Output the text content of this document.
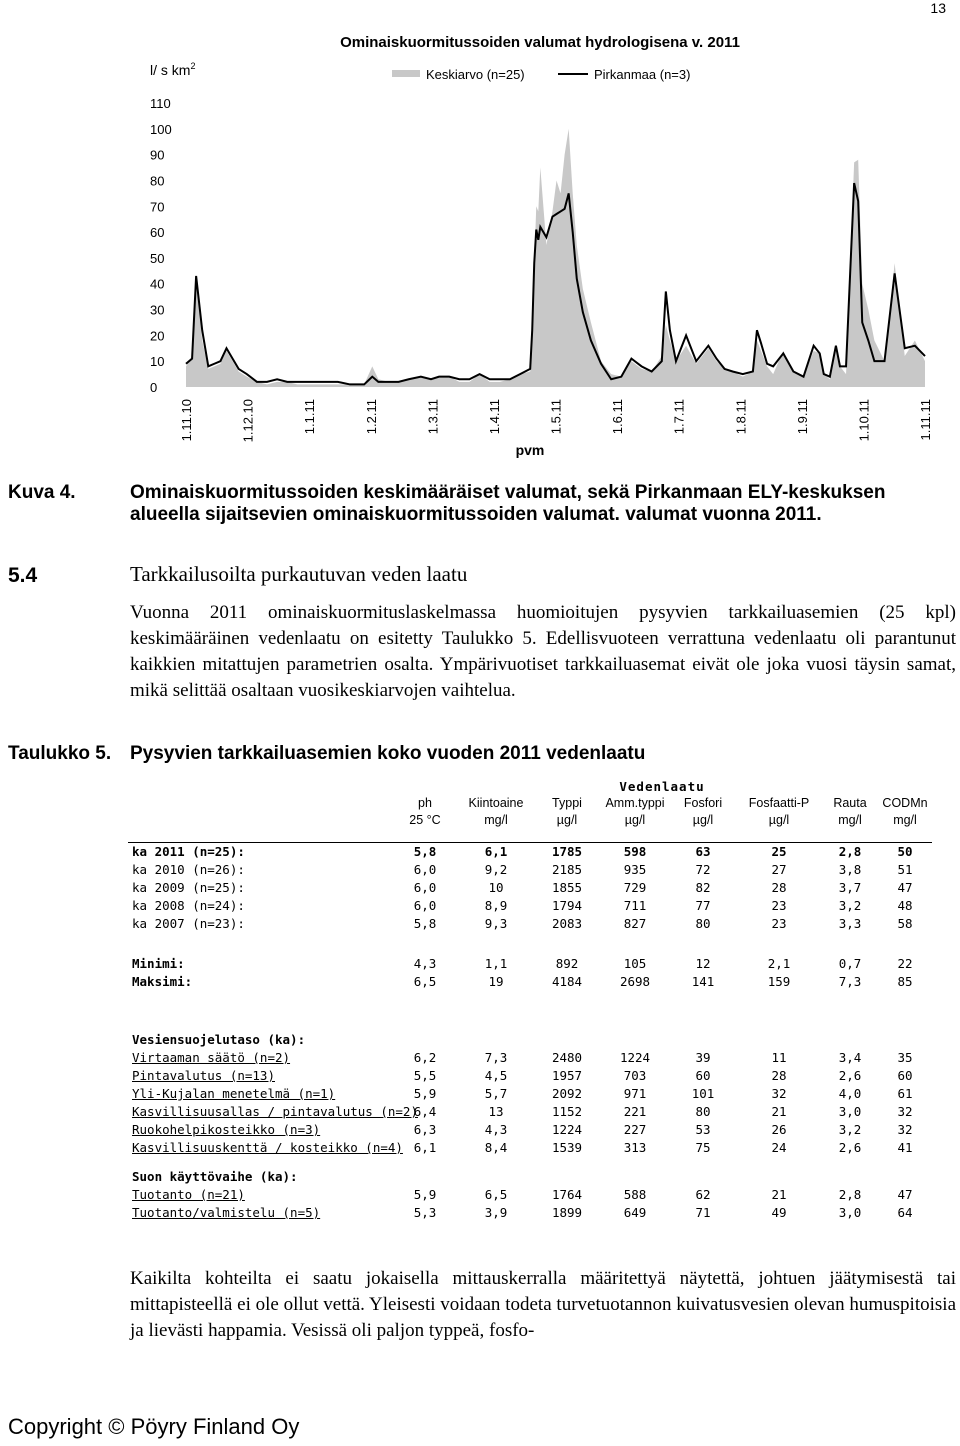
13
Ominaiskuormitussoiden valumat hydrologisena v. 2011
l/ s $km^2$
Keskiarvo (n=25)	Pirkanmaa (n=3)
0
10
20
30
40
50
60
70
80
90
100
110
1.11.10	1.12.10	1.1.11	1.2.11	1.3.11	1.4.11	1.5.11	1.6.11	1.7.11	1.8.11	1.9.11	1.10.11	1.11.11
pvm
Kuva 4.	Ominaiskuormitussoiden keskimääräiset valumat, sekä Pirkanmaan ELY-keskuksen alueella sijaitsevien ominaiskuormitussoiden valumat. valumat vuonna 2011.
5.4	Tarkkailusoilta purkautuvan veden laatu
Vuonna 2011 ominaiskuormituslaskelmassa huomioitujen pysyvien tarkkailuasemien (25 kpl) keskimääräinen vedenlaatu on esitetty Taulukko 5. Edellisvuoteen verrattuna vedenlaatu oli parantunut kaikkien mitattujen parametrien osalta. Ympärivuotiset tarkkailuasemat eivät ole joka vuosi täysin samat, mikä selittää osaltaan vuosikeskiarvojen vaihtelua.
Taulukko 5. Pysyvien tarkkailuasemien koko vuoden 2011 vedenlaatu
	Vedenlaatu							
	ph	Kiintoaine	Typpi	Amm.typpi	Fosfori	Fosfaatti-P	Rauta	CODMn
	25 °C	mg/l	µg/l	µg/l	µg/l	µg/l	mg/l	mg/l

ka 2011 (n=25):	5,8	6,1	1785	598	63	25	2,8	50
ka 2010 (n=26):	6,0	9,2	2185	935	72	27	3,8	51
ka 2009 (n=25):	6,0	10	1855	729	82	28	3,7	47
ka 2008 (n=24):	6,0	8,9	1794	711	77	23	3,2	48
ka 2007 (n=23):	5,8	9,3	2083	827	80	23	3,3	58

Minimi:	4,3	1,1	892	105	12	2,1	0,7	22
Maksimi:	6,5	19	4184	2698	141	159	7,3	85

Vesiensuojelutaso (ka):								
Virtaaman säätö (n=2)	6,2	7,3	2480	1224	39	11	3,4	35
Pintavalutus (n=13)	5,5	4,5	1957	703	60	28	2,6	60
Yli-Kujalan menetelmä (n=1)	5,9	5,7	2092	971	101	32	4,0	61
Kasvillisuusallas / pintavalutus (n=2)	6,4	13	1152	221	80	21	3,0	32
Ruokohelpikosteikko (n=3)	6,3	4,3	1224	227	53	26	3,2	32
Kasvillisuuskenttä / kosteikko (n=4)	6,1	8,4	1539	313	75	24	2,6	41

Suon käyttövaihe (ka):								
Tuotanto (n=21)	5,9	6,5	1764	588	62	21	2,8	47
Tuotanto/valmistelu (n=5)	5,3	3,9	1899	649	71	49	3,0	64
Kaikilta kohteilta ei saatu jokaisella mittauskerralla määritettyä näytettä, johtuen jäätymisestä tai mittapisteellä ei ole ollut vettä. Yleisesti voidaan todeta turvetuotannon kuivatusvesien olevan humuspitoisia ja lievästi happamia. Vesissä oli paljon typpeä, fosfo-
Copyright © Pöyry Finland Oy
